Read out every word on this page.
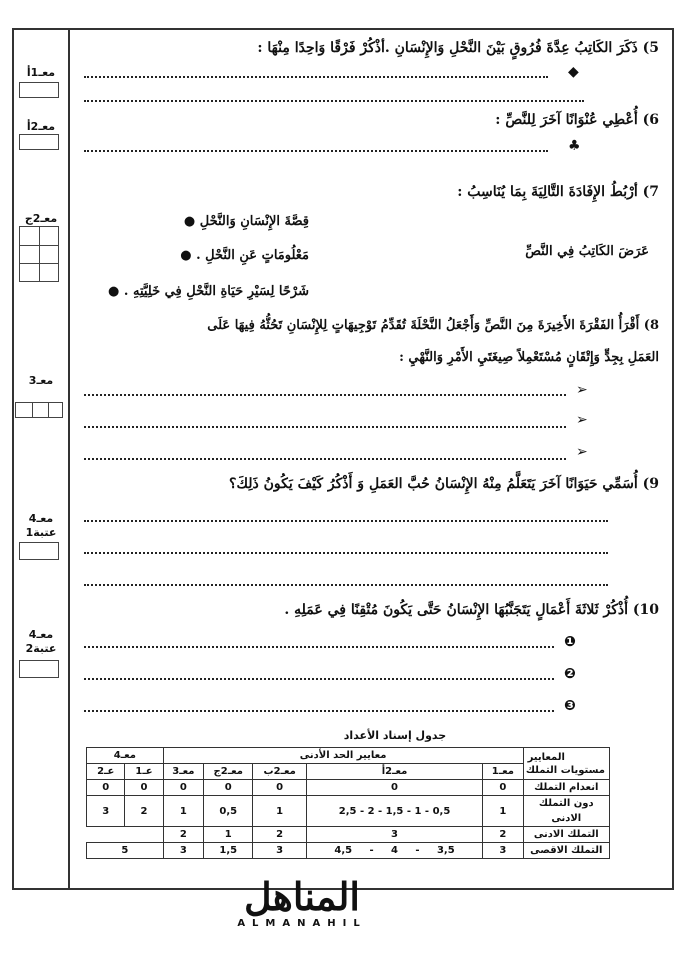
معـ1أ
معـ2أ
معـ2ج
معـ3
معـ4
عتبة1
معـ4
عتبة2
5) ذَكَرَ الكَاتِبُ عِدَّةَ فُرُوقٍ بَيْنَ النَّحْلِ وَالإِنْسَانِ .أذْكُرْ فَرْقًا وَاحِدًا مِنْهَا :
◆
6) أُعْطِي عُنْوَانًا آخَرَ لِلنَّصِّ :
♣
7) أرْبُطُ الإِفَادَةَ التَّالِيَةَ بِمَا يُنَاسِبُ :
عَرَضَ الكَاتِبُ فِي النَّصِّ
قِصَّةَ الإِنْسَانِ وَالنَّحْلِ ●
مَعْلُومَاتٍ عَنِ النَّحْلِ . ●
شَرْحًا لِسَيْرِ حَيَاةِ النَّحْلِ فِي خَلِيَّتِهِ . ●
8) أَقْرَأُ الفَقْرَةَ الأَخِيرَةَ مِنَ النَّصِّ وَأَجْعَلُ النَّحْلَةَ تُقَدِّمُ تَوْجِيهَاتٍ لِلإِنْسَانِ تَحُثُّهُ فِيهَا عَلَى
العَمَلِ بِجِدٍّ وَإِتْقَانٍ مُسْتَعْمِلاً صِيغَتَيِ الأَمْرِ وَالنَّهْيِ :
➢
➢
➢
9) أُسَمِّي حَيَوَانًا آخَرَ يَتَعَلَّمُ مِنْهُ الإِنْسَانُ حُبَّ العَمَلِ وَ أَذْكُرُ كَيْفَ يَكُونُ ذَلِكَ؟
10) أُذْكُرْ ثَلاثَةَ أَعْمَالٍ يَتَجَنَّبُهَا الإِنْسَانُ حَتَّى يَكُونَ مُتْقِنًا فِي عَمَلِهِ .
❶
❷
❸
جدول إسناد الأعداد
المعايير
مستويات التملك	معايير الحد الأدنى					معـ4	
	معـ1	معـ2أ	معـ2ب	معـ2ج	معـ3	عـ1	عـ2
انعدام التملك	0	0	0	0	0	0	0
دون التملك الادنى	1	2,5 - 2 - 1,5 - 1 - 0,5	1	0,5	1	2	3
التملك الادنى	2	3	2	1	2		
التملك الاقصى	3	4,5     -     4     -     3,5	3	1,5	3	5	
المناهل
ALMANAHIL
